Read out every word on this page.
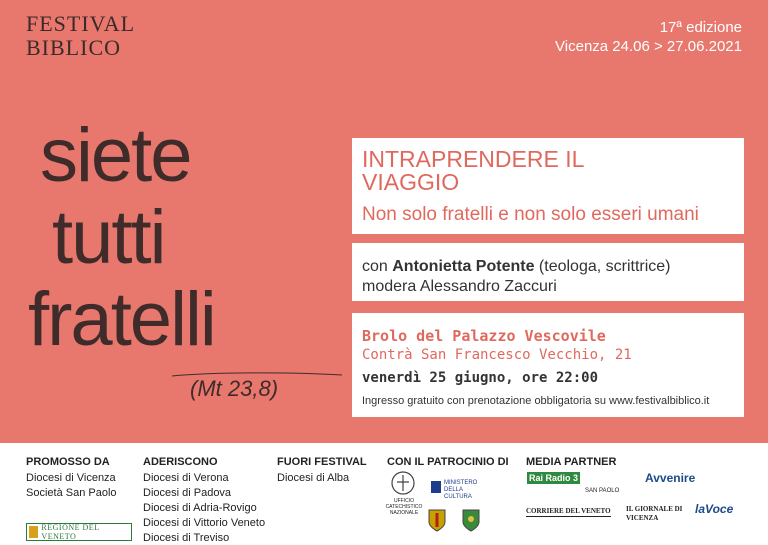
FESTIVAL
BIBLICO
17ª edizione
Vicenza 24.06 > 27.06.2021
siete
tutti
fratelli
(Mt 23,8)
INTRAPRENDERE IL
VIAGGIO
Non solo fratelli e non solo esseri umani
con Antonietta Potente (teologa, scrittrice)
modera Alessandro Zaccuri
Brolo del Palazzo Vescovile
Contrà San Francesco Vecchio, 21
venerdì 25 giugno, ore 22:00
Ingresso gratuito con prenotazione obbligatoria su www.festivalbiblico.it
PROMOSSO DA
Diocesi di Vicenza
Società San Paolo
ADERISCONO
Diocesi di Verona
Diocesi di Padova
Diocesi di Adria-Rovigo
Diocesi di Vittorio Veneto
Diocesi di Treviso
FUORI FESTIVAL
Diocesi di Alba
CON IL PATROCINIO DI MEDIA PARTNER
REGIONE DEL VENETO
UFFICIO CATECHISTICO NAZIONALE
MINISTERO DELLA CULTURA
Rai Radio 3
SAN PAOLO
Avvenire
CORRIERE DEL VENETO IL GIORNALE DI VICENZA
laVoce
